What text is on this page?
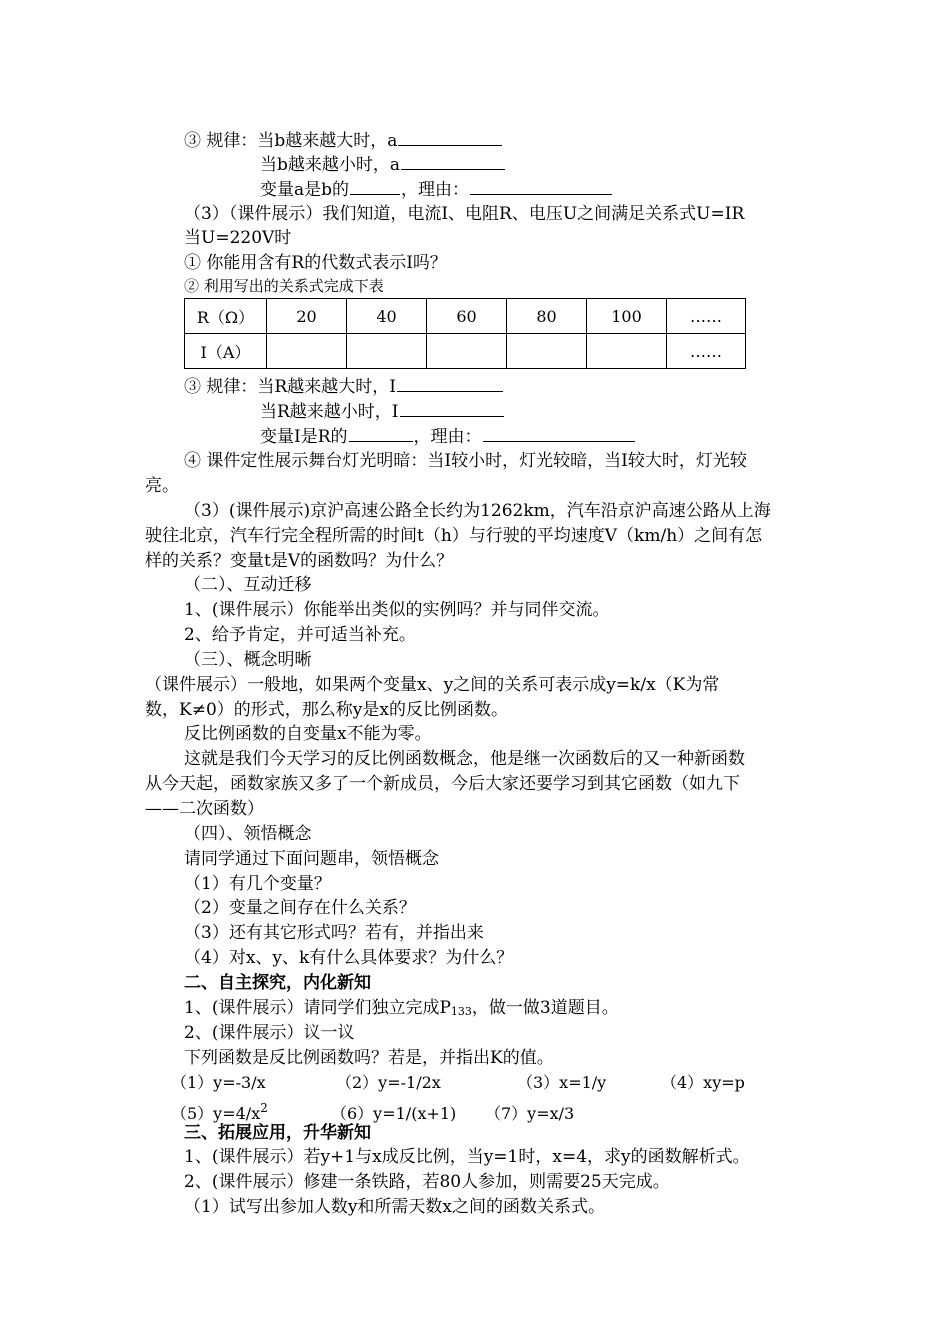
③ 规律：当b越来越大时，a
当b越来越小时，a
变量a是b的	，理由：
（3）（课件展示）我们知道，电流I、电阻R、电压U之间满足关系式U=IR
当U=220V时
① 你能用含有R的代数式表示I吗？
② 利用写出的关系式完成下表
R（Ω）	20	40	60	80	100	……
I（A）						……
③ 规律：当R越来越大时，I
当R越来越小时，I
变量I是R的	，理由：
④ 课件定性展示舞台灯光明暗：当I较小时，灯光较暗，当I较大时，灯光较
亮。
（3）(课件展示)京沪高速公路全长约为1262km，汽车沿京沪高速公路从上海
驶往北京，汽车行完全程所需的时间t（h）与行驶的平均速度V（km/h）之间有怎
样的关系？变量t是V的函数吗？为什么？
（二）、互动迁移
1、(课件展示）你能举出类似的实例吗？并与同伴交流。
2、给予肯定，并可适当补充。
（三）、概念明晰
（课件展示）一般地，如果两个变量x、y之间的关系可表示成y=k/x（K为常
数，K≠0）的形式，那么称y是x的反比例函数。
反比例函数的自变量x不能为零。
这就是我们今天学习的反比例函数概念，他是继一次函数后的又一种新函数
从今天起，函数家族又多了一个新成员，今后大家还要学习到其它函数（如九下
——二次函数）
（四）、领悟概念
请同学通过下面问题串，领悟概念
（1）有几个变量？
（2）变量之间存在什么关系？
（3）还有其它形式吗？若有，并指出来
（4）对x、y、k有什么具体要求？为什么？
二、自主探究，内化新知
1、(课件展示）请同学们独立完成P133，做一做3道题目。
2、(课件展示）议一议
下列函数是反比例函数吗？若是，并指出K的值。
（1）y=-3/x	（2）y=-1/2x	（3）x=1/y	（4）xy=p
$(5)y=4/x^2$	（6）y=1/(x+1) （7）y=x/3
三、拓展应用，升华新知
1、(课件展示）若y+1与x成反比例，当y=1时，x=4，求y的函数解析式。
2、(课件展示）修建一条铁路，若80人参加，则需要25天完成。
（1）试写出参加人数y和所需天数x之间的函数关系式。
